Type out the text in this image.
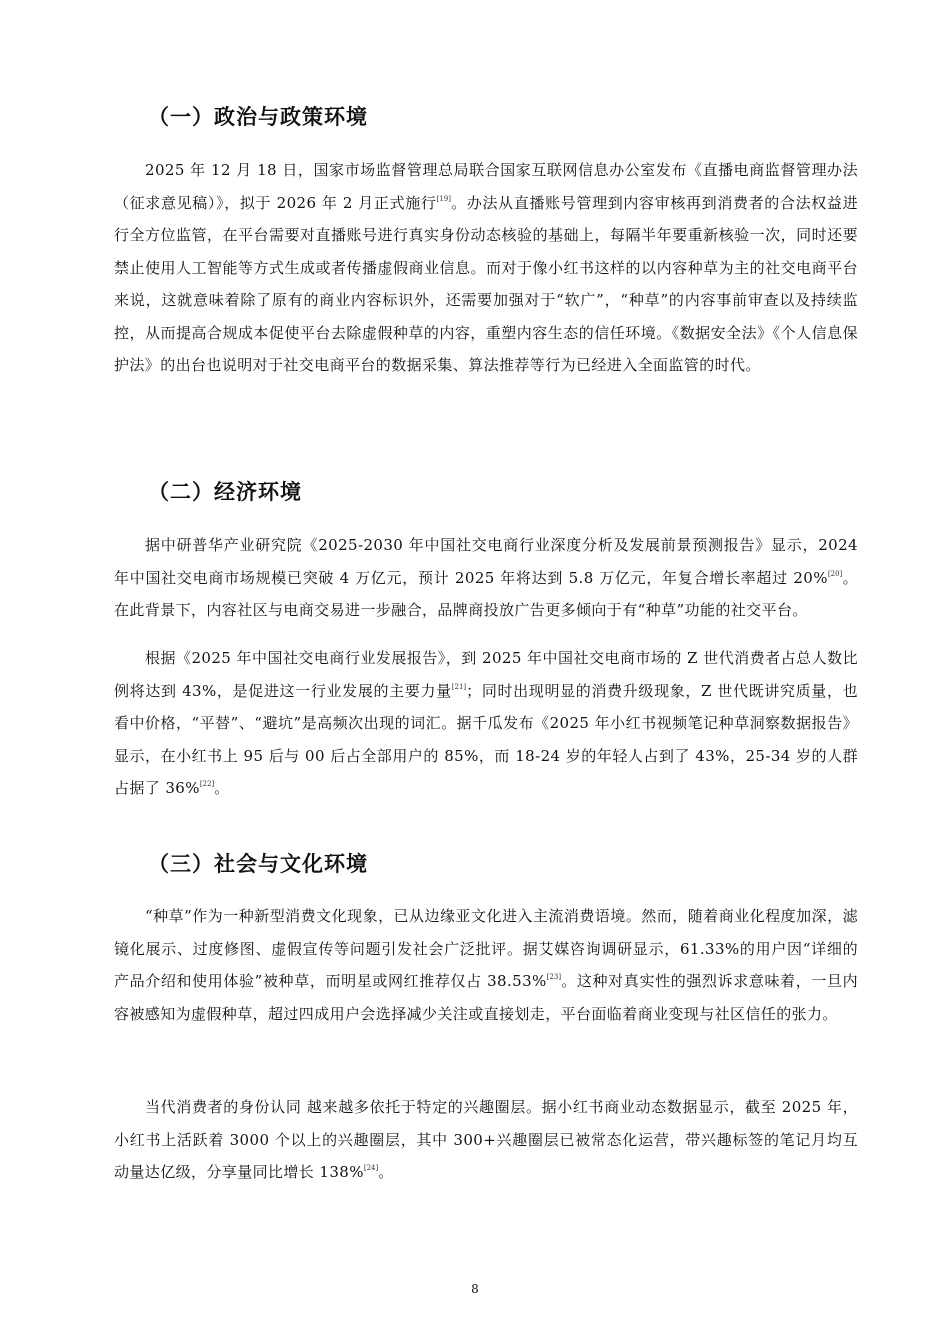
（一）政治与政策环境

2025 年 12 月 18 日，国家市场监督管理总局联合国家互联网信息办公室发布《直播电商监督管理办法（征求意见稿）》，拟于 2026 年 2 月正式施行[19]。办法从直播账号管理到内容审核再到消费者的合法权益进行全方位监管，在平台需要对直播账号进行真实身份动态核验的基础上，每隔半年要重新核验一次，同时还要禁止使用人工智能等方式生成或者传播虚假商业信息。而对于像小红书这样的以内容种草为主的社交电商平台来说，这就意味着除了原有的商业内容标识外，还需要加强对于“软广”，“种草”的内容事前审查以及持续监控，从而提高合规成本促使平台去除虚假种草的内容，重塑内容生态的信任环境。《数据安全法》《个人信息保护法》的出台也说明对于社交电商平台的数据采集、算法推荐等行为已经进入全面监管的时代。

（二）经济环境

据中研普华产业研究院《2025-2030 年中国社交电商行业深度分析及发展前景预测报告》显示，2024 年中国社交电商市场规模已突破 4 万亿元，预计 2025 年将达到 5.8 万亿元，年复合增长率超过 20%[20]。在此背景下，内容社区与电商交易进一步融合，品牌商投放广告更多倾向于有“种草”功能的社交平台。

根据《2025 年中国社交电商行业发展报告》，到 2025 年中国社交电商市场的 Z 世代消费者占总人数比例将达到 43%，是促进这一行业发展的主要力量[21]；同时出现明显的消费升级现象，Z 世代既讲究质量，也看中价格，“平替”、“避坑”是高频次出现的词汇。据千瓜发布《2025 年小红书视频笔记种草洞察数据报告》显示，在小红书上 95 后与 00 后占全部用户的 85%，而 18-24 岁的年轻人占到了 43%，25-34 岁的人群占据了 36%[22]。

（三）社会与文化环境

“种草”作为一种新型消费文化现象，已从边缘亚文化进入主流消费语境。然而，随着商业化程度加深，滤镜化展示、过度修图、虚假宣传等问题引发社会广泛批评。据艾媒咨询调研显示，61.33%的用户因“详细的产品介绍和使用体验”被种草，而明星或网红推荐仅占 38.53%[23]。这种对真实性的强烈诉求意味着，一旦内容被感知为虚假种草，超过四成用户会选择减少关注或直接划走，平台面临着商业变现与社区信任的张力。

当代消费者的身份认同 越来越多依托于特定的兴趣圈层。据小红书商业动态数据显示，截至 2025 年，小红书上活跃着 3000 个以上的兴趣圈层，其中 300+兴趣圈层已被常态化运营，带兴趣标签的笔记月均互动量达亿级，分享量同比增长 138%[24]。

8
